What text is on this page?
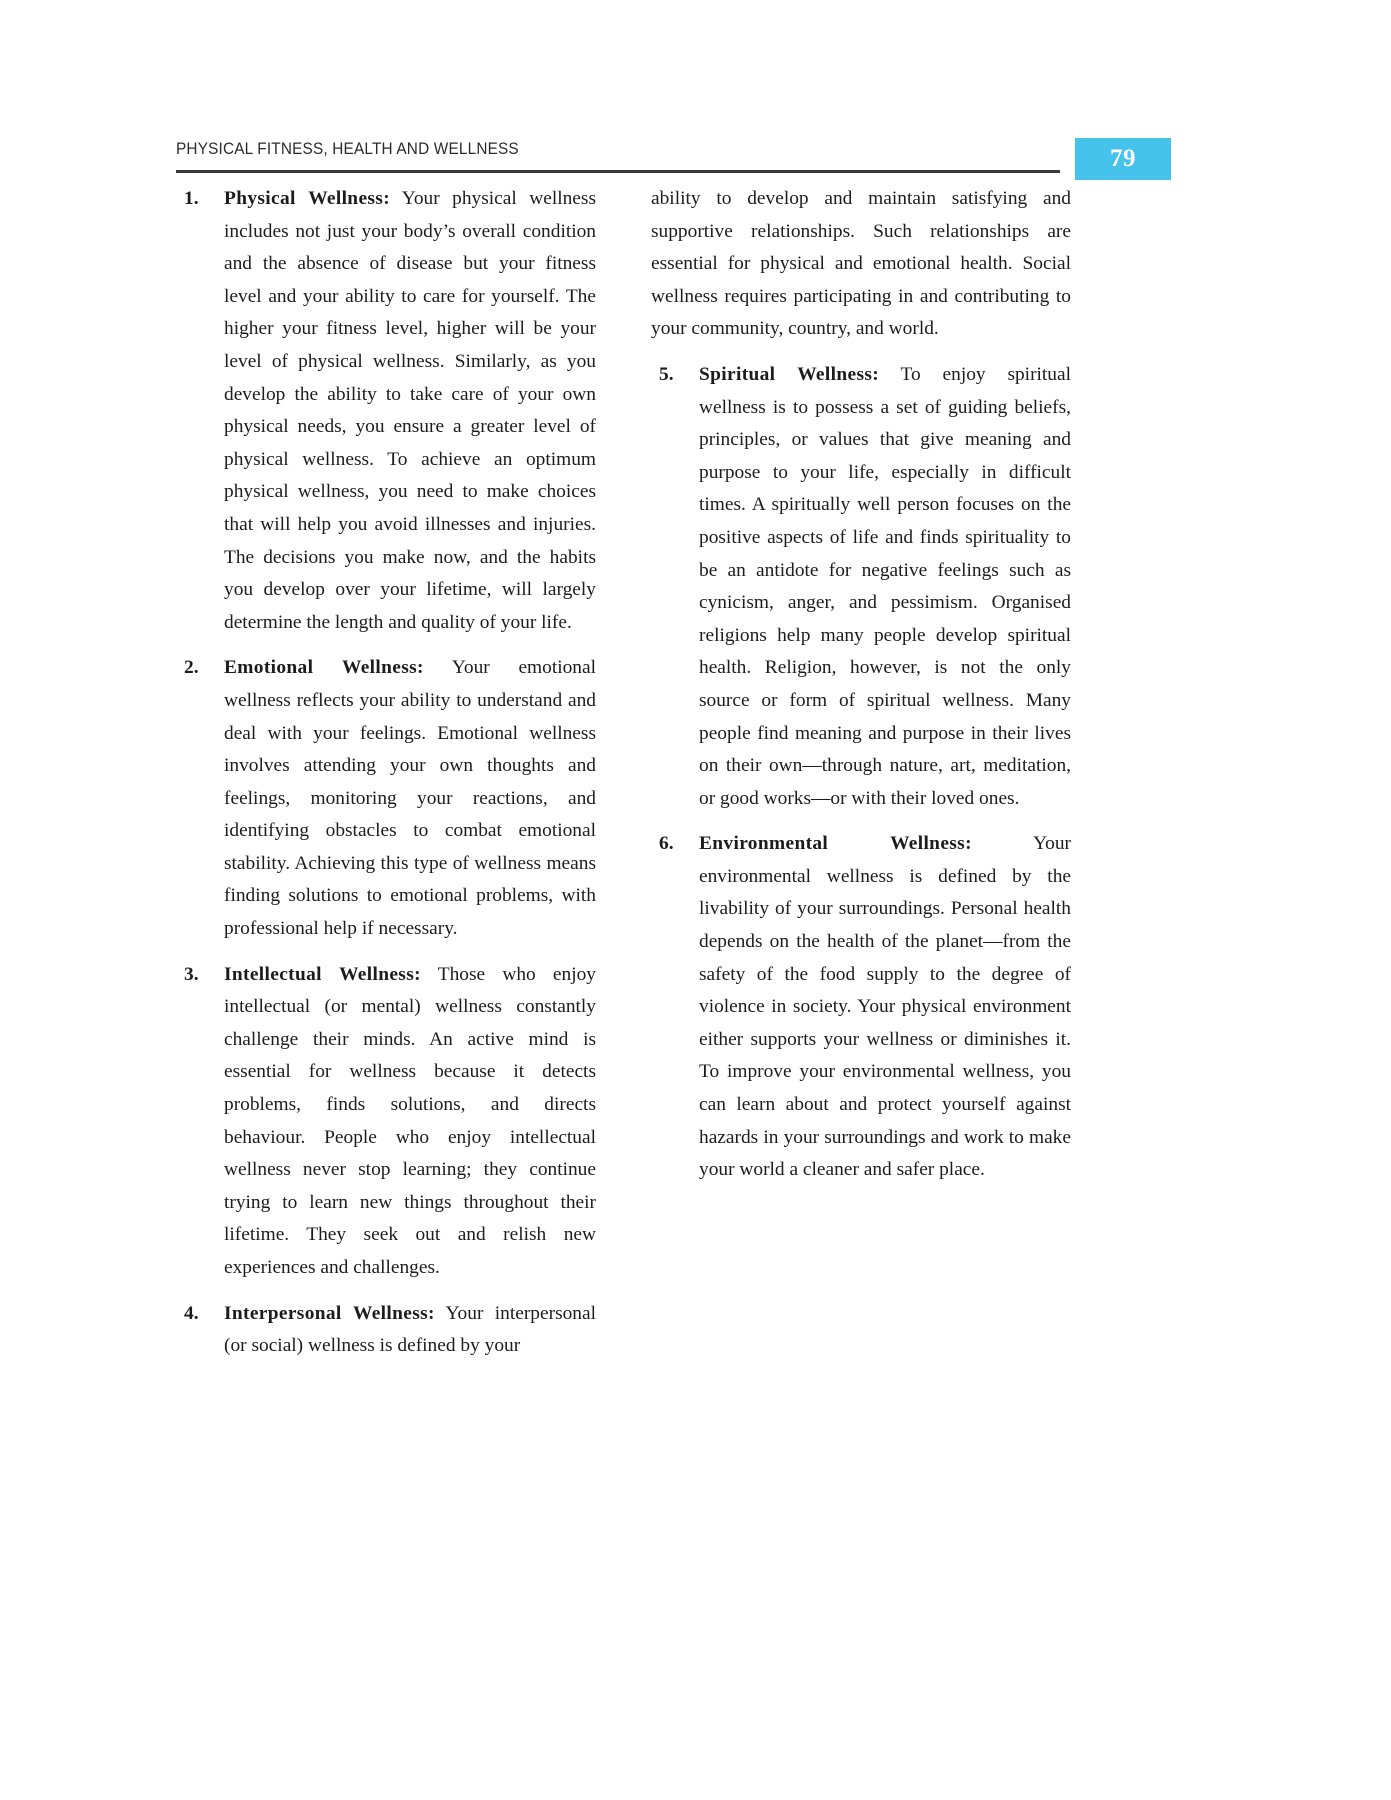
PHYSICAL FITNESS, HEALTH AND WELLNESS	79
1.	Physical Wellness: Your physical wellness includes not just your body’s overall condition and the absence of disease but your fitness level and your ability to care for yourself. The higher your fitness level, higher will be your level of physical wellness. Similarly, as you develop the ability to take care of your own physical needs, you ensure a greater level of physical wellness. To achieve an optimum physical wellness, you need to make choices that will help you avoid illnesses and injuries. The decisions you make now, and the habits you develop over your lifetime, will largely determine the length and quality of your life.
2.	Emotional Wellness: Your emotional wellness reflects your ability to understand and deal with your feelings. Emotional wellness involves attending your own thoughts and feelings, monitoring your reactions, and identifying obstacles to combat emotional stability. Achieving this type of wellness means finding solutions to emotional problems, with professional help if necessary.
3.	Intellectual Wellness: Those who enjoy intellectual (or mental) wellness constantly challenge their minds. An active mind is essential for wellness because it detects problems, finds solutions, and directs behaviour. People who enjoy intellectual wellness never stop learning; they continue trying to learn new things throughout their lifetime. They seek out and relish new experiences and challenges.
4.	Interpersonal Wellness: Your interpersonal (or social) wellness is defined by your
ability to develop and maintain satisfying and supportive relationships. Such relationships are essential for physical and emotional health. Social wellness requires participating in and contributing to your community, country, and world.
5.	Spiritual Wellness: To enjoy spiritual wellness is to possess a set of guiding beliefs, principles, or values that give meaning and purpose to your life, especially in difficult times. A spiritually well person focuses on the positive aspects of life and finds spirituality to be an antidote for negative feelings such as cynicism, anger, and pessimism. Organised religions help many people develop spiritual health. Religion, however, is not the only source or form of spiritual wellness. Many people find meaning and purpose in their lives on their own—through nature, art, meditation, or good works—or with their loved ones.
6.	Environmental Wellness: Your environmental wellness is defined by the livability of your surroundings. Personal health depends on the health of the planet—from the safety of the food supply to the degree of violence in society. Your physical environment either supports your wellness or diminishes it. To improve your environmental wellness, you can learn about and protect yourself against hazards in your surroundings and work to make your world a cleaner and safer place.
